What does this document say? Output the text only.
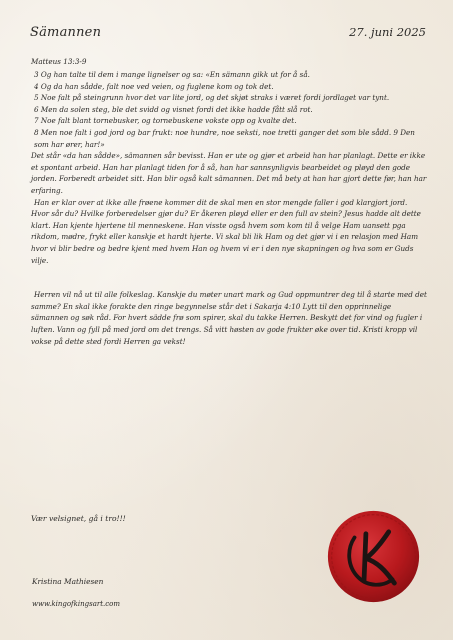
Sämannen	27. juni 2025

Matteus 13:3-9

3 Og han talte til dem i mange lignelser og sa: «En sämann gikk ut for å så.

4 Og da han sådde, falt noe ved veien, og fuglene kom og tok det.

5 Noe falt på steingrunn hvor det var lite jord, og det skjøt straks i været fordi jordlaget var tynt.

6 Men da solen steg, ble det svidd og visnet fordi det ikke hadde fått slå rot.

7 Noe falt blant tornebusker, og tornebuskene vokste opp og kvalte det.

8 Men noe falt i god jord og bar frukt: noe hundre, noe seksti, noe tretti ganger det som ble sådd. 9 Den som har ører, har!»

Det står «da han sådde», sämannen sår bevisst. Han er ute og gjør et arbeid han har planlagt. Dette er ikke et spontant arbeid. Han har planlagt tiden for å så, han har sannsynligvis bearbeidet og pløyd den gode jorden. Forberedt arbeidet sitt. Han blir også kalt sämannen. Det må bety at han har gjort dette før, han har erfaring.

Han er klar over at ikke alle frøene kommer dit de skal men en stor mengde faller i god klargjort jord. Hvor sår du? Hvilke forberedelser gjør du? Er åkeren pløyd eller er den full av stein? Jesus hadde alt dette klart. Han kjente hjertene til menneskene. Han visste også hvem som kom til å velge Ham uansett pga rikdom, mødre, frykt eller kanskje et hardt hjerte. Vi skal bli lik Ham og det gjør vi i en relasjon med Ham hvor vi blir bedre og bedre kjent med hvem Han og hvem vi er i den nye skapningen og hva som er Guds vilje.

Herren vil nå ut til alle folkeslag. Kanskje du møter unart mark og Gud oppmuntrer deg til å starte med det samme? En skal ikke forakte den ringe begynnelse står det i Sakarja 4:10 Lytt til den opprinnelige sämannen og søk råd. For hvert sädde frø som spirer, skal du takke Herren. Beskytt det for vind og fugler i luften. Vann og fyll på med jord om det trengs. Så vitt høsten av gode frukter øke over tid. Kristi kropp vil vokse på dette sted fordi Herren ga vekst!

Vær velsignet, gå i tro!!!
Kristina Mathiesen
www.kingofkingsart.com
